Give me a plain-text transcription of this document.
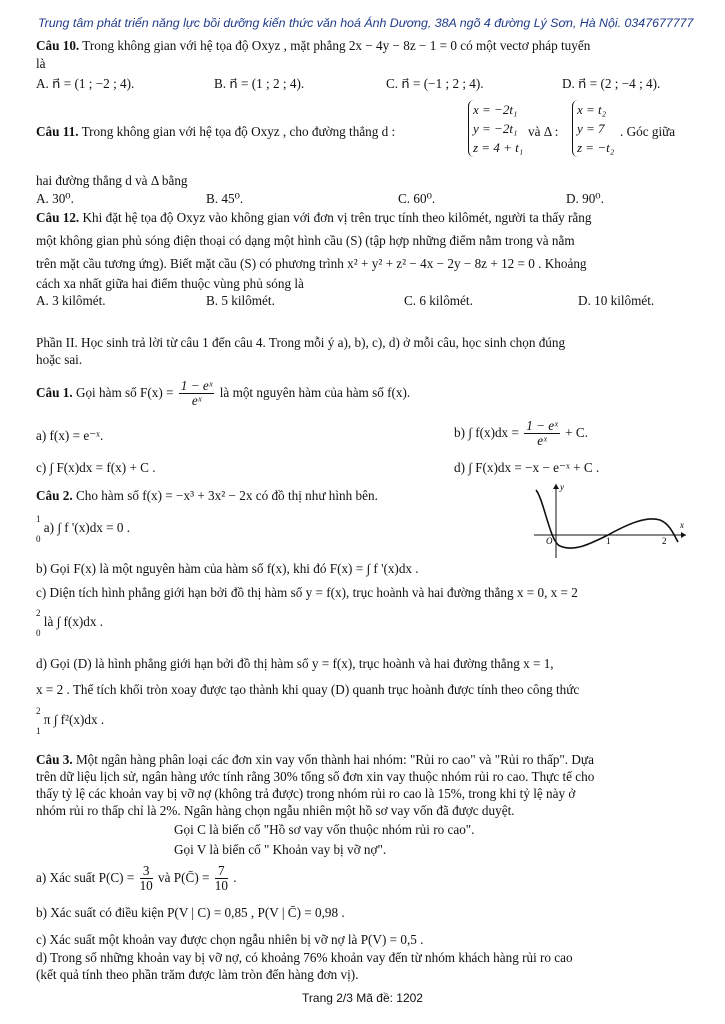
Trung tâm phát triển năng lực bồi dưỡng kiến thức văn hoá Ánh Dương, 38A ngõ 4 đường Lý Sơn, Hà Nội. 0347677777
Câu 10. Trong không gian với hệ tọa độ Oxyz , mặt phẳng 2x − 4y − 8z − 1 = 0 có một vectơ pháp tuyến
là
A. n⃗ = (1 ; −2 ; 4).	B. n⃗ = (1 ; 2 ; 4).	C. n⃗ = (−1 ; 2 ; 4).	D. n⃗ = (2 ; −4 ; 4).
Câu 11. Trong không gian với hệ tọa độ Oxyz , cho đường thẳng d :
x = −2t₁
y = −2t₁
z = 4 + t₁
và Δ :
x = t₂
y = 7
z = −t₂
. Góc giữa
hai đường thẳng d và Δ bằng
A. 30⁰.	B. 45⁰.	C. 60⁰.	D. 90⁰.
Câu 12. Khi đặt hệ tọa độ Oxyz vào không gian với đơn vị trên trục tính theo kilômét, người ta thấy rằng
một không gian phủ sóng điện thoại có dạng một hình cầu (S) (tập hợp những điểm nằm trong và nằm
trên mặt cầu tương ứng). Biết mặt cầu (S) có phương trình x² + y² + z² − 4x − 2y − 8z + 12 = 0 . Khoảng
cách xa nhất giữa hai điểm thuộc vùng phủ sóng là
A. 3 kilômét.	B. 5 kilômét.	C. 6 kilômét.	D. 10 kilômét.
Phần II. Học sinh trả lời từ câu 1 đến câu 4. Trong mỗi ý a), b), c), d) ở mỗi câu, học sinh chọn đúng
hoặc sai.
Câu 1. Gọi hàm số $F(x) = \frac{\text{1 − eˣ}}{\text{eˣ}}$ là một nguyên hàm của hàm số f(x).
a) f(x) = e⁻ˣ.	b) ∫ $f(x)dx = \frac{\text{1 − eˣ}}{\text{eˣ}} + C$.
c) ∫ F(x)dx = f(x) + C .	d) ∫ F(x)dx = −x − e⁻ˣ + C .
Câu 2. Cho hàm số f(x) = −x³ + 3x² − 2x có đồ thị như hình bên.
1

0 a) ∫ f '(x)dx = 0 .
b) Gọi F(x) là một nguyên hàm của hàm số f(x), khi đó F(x) = ∫ f '(x)dx .
c) Diện tích hình phẳng giới hạn bởi đồ thị hàm số y = f(x), trục hoành và hai đường thẳng x = 0, x = 2
2

0 là ∫ f(x)dx .
d) Gọi (D) là hình phẳng giới hạn bởi đồ thị hàm số y = f(x), trục hoành và hai đường thẳng x = 1,
x = 2 . Thể tích khối tròn xoay được tạo thành khi quay (D) quanh trục hoành được tính theo công thức
2

1 π ∫ f²(x)dx .
y
x
O	1	2
Câu 3. Một ngân hàng phân loại các đơn xin vay vốn thành hai nhóm: "Rủi ro cao" và "Rủi ro thấp". Dựa
trên dữ liệu lịch sử, ngân hàng ước tính rằng 30% tổng số đơn xin vay thuộc nhóm rủi ro cao. Thực tế cho
thấy tỷ lệ các khoản vay bị vỡ nợ (không trả được) trong nhóm rủi ro cao là 15%, trong khi tỷ lệ này ở
nhóm rủi ro thấp chỉ là 2%. Ngân hàng chọn ngẫu nhiên một hồ sơ vay vốn đã được duyệt.
Gọi C là biến cố "Hồ sơ vay vốn thuộc nhóm rủi ro cao".
Gọi V là biến cố " Khoản vay bị vỡ nợ".
a) Xác suất $P(C) = \frac{3}{10}$ và P(C̄) = $\frac{7}{10}$ .
b) Xác suất có điều kiện P(V | C) = 0,85 , P(V | C̄) = 0,98 .
c) Xác suất một khoản vay được chọn ngẫu nhiên bị vỡ nợ là P(V) = 0,5 .
d) Trong số những khoản vay bị vỡ nợ, có khoảng 76% khoản vay đến từ nhóm khách hàng rủi ro cao
(kết quả tính theo phần trăm được làm tròn đến hàng đơn vị).
Trang 2/3 Mã đề: 1202
